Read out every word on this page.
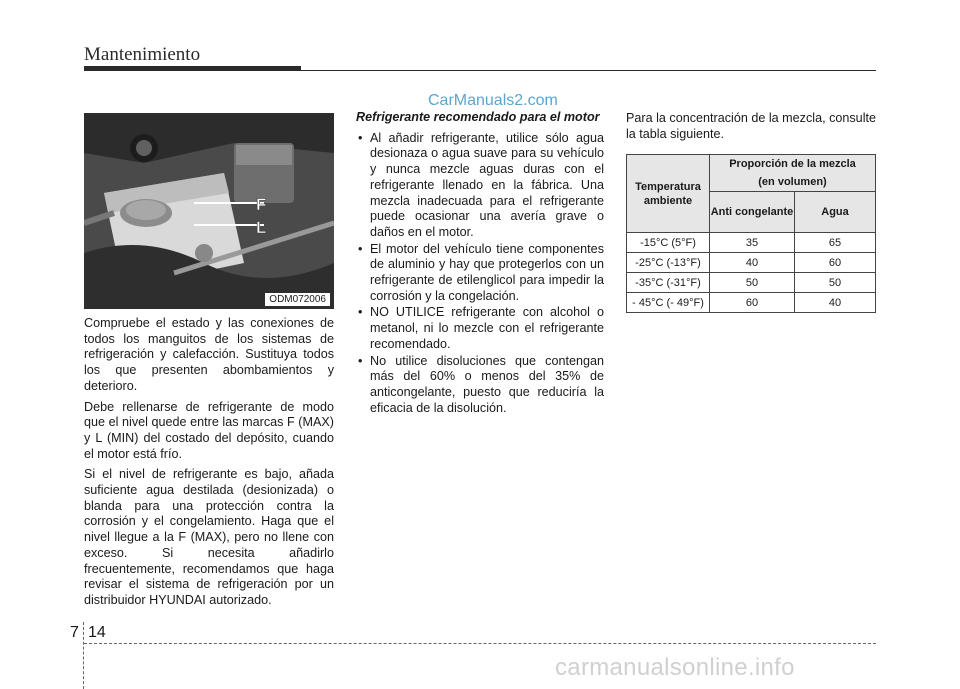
Mantenimiento
CarManuals2.com
F
L
ODM072006

Compruebe el estado y las conexiones de todos los manguitos de los sistemas de refrigeración y calefacción. Sustituya todos los que presenten abombamientos y deterioro.

Debe rellenarse de refrigerante de modo que el nivel quede entre las marcas F (MAX) y L (MIN) del costado del depósito, cuando el motor está frío.

Si el nivel de refrigerante es bajo, añada suficiente agua destilada (desionizada) o blanda para una protección contra la corrosión y el congelamiento. Haga que el nivel llegue a la F (MAX), pero no llene con exceso. Si necesita añadirlo frecuentemente, recomendamos que haga revisar el sistema de refrigeración por un distribuidor HYUNDAI autorizado.

Refrigerante recomendado para el motor

• Al añadir refrigerante, utilice sólo agua desionaza o agua suave para su vehículo y nunca mezcle aguas duras con el refrigerante llenado en la fábrica. Una mezcla inadecuada para el refrigerante puede ocasionar una avería grave o daños en el motor.
• El motor del vehículo tiene componentes de aluminio y hay que protegerlos con un refrigerante de etilenglicol para impedir la corrosión y la congelación.
• NO UTILICE refrigerante con alcohol o metanol, ni lo mezcle con el refrigerante recomendado.
• No utilice disoluciones que contengan más del 60% o menos del 35% de anticongelante, puesto que reduciría la eficacia de la disolución.

Para la concentración de la mezcla, consulte la tabla siguiente.

Temperatura ambiente	Proporción de la mezcla
(en volumen)	

	Anti congelante	Agua
-15°C (5°F)	35	65
-25°C (-13°F)	40	60
-35°C (-31°F)	50	50
- 45°C (- 49°F)	60	40
7 14
carmanualsonline.info
